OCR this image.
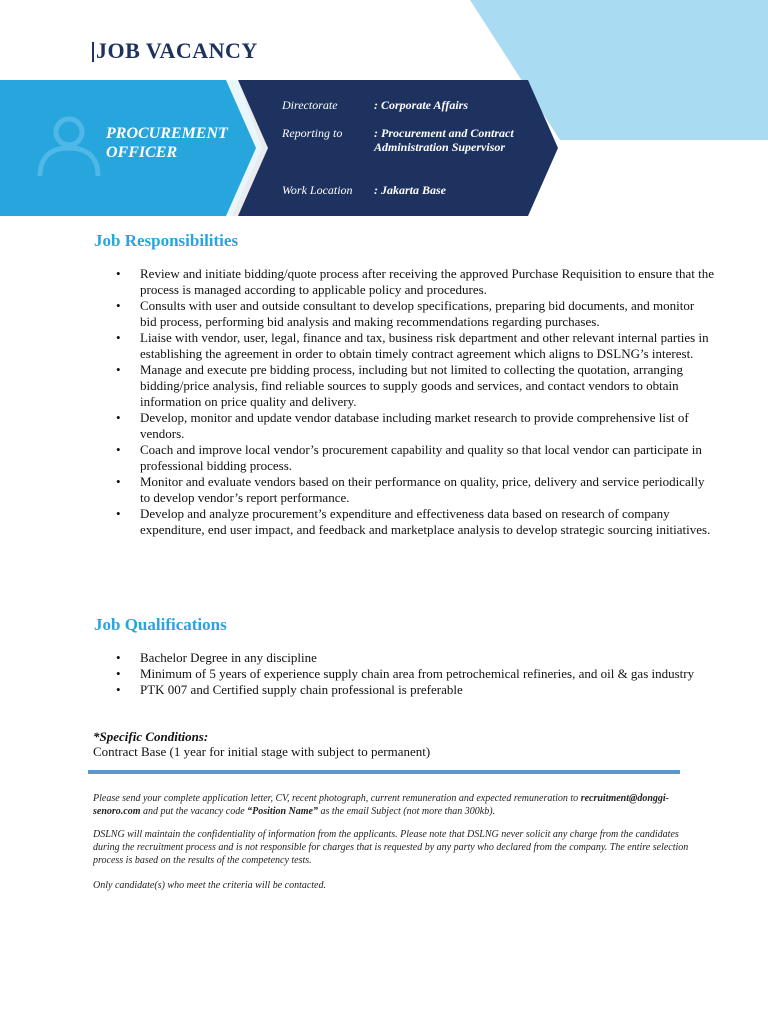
JOB VACANCY
PROCUREMENT OFFICER
Directorate	: Corporate Affairs
Reporting to	: Procurement and Contract Administration Supervisor
Work Location : Jakarta Base
Job Responsibilities
• Review and initiate bidding/quote process after receiving the approved Purchase Requisition to ensure that the process is managed according to applicable policy and procedures.
• Consults with user and outside consultant to develop specifications, preparing bid documents, and monitor bid process, performing bid analysis and making recommendations regarding purchases.
• Liaise with vendor, user, legal, finance and tax, business risk department and other relevant internal parties in establishing the agreement in order to obtain timely contract agreement which aligns to DSLNG’s interest.
• Manage and execute pre bidding process, including but not limited to collecting the quotation, arranging bidding/price analysis, find reliable sources to supply goods and services, and contact vendors to obtain information on price quality and delivery.
• Develop, monitor and update vendor database including market research to provide comprehensive list of vendors.
• Coach and improve local vendor’s procurement capability and quality so that local vendor can participate in professional bidding process.
• Monitor and evaluate vendors based on their performance on quality, price, delivery and service periodically to develop vendor’s report performance.
• Develop and analyze procurement’s expenditure and effectiveness data based on research of company expenditure, end user impact, and feedback and marketplace analysis to develop strategic sourcing initiatives.
Job Qualifications
• Bachelor Degree in any discipline
• Minimum of 5 years of experience supply chain area from petrochemical refineries, and oil & gas industry
• PTK 007 and Certified supply chain professional is preferable
*Specific Conditions:
Contract Base (1 year for initial stage with subject to permanent)

Please send your complete application letter, CV, recent photograph, current remuneration and expected remuneration to recruitment@donggi-senoro.com and put the vacancy code “Position Name” as the email Subject (not more than 300kb).

DSLNG will maintain the confidentiality of information from the applicants. Please note that DSLNG never solicit any charge from the candidates during the recruitment process and is not responsible for charges that is requested by any party who declared from the company. The entire selection process is based on the results of the competency tests.

Only candidate(s) who meet the criteria will be contacted.
